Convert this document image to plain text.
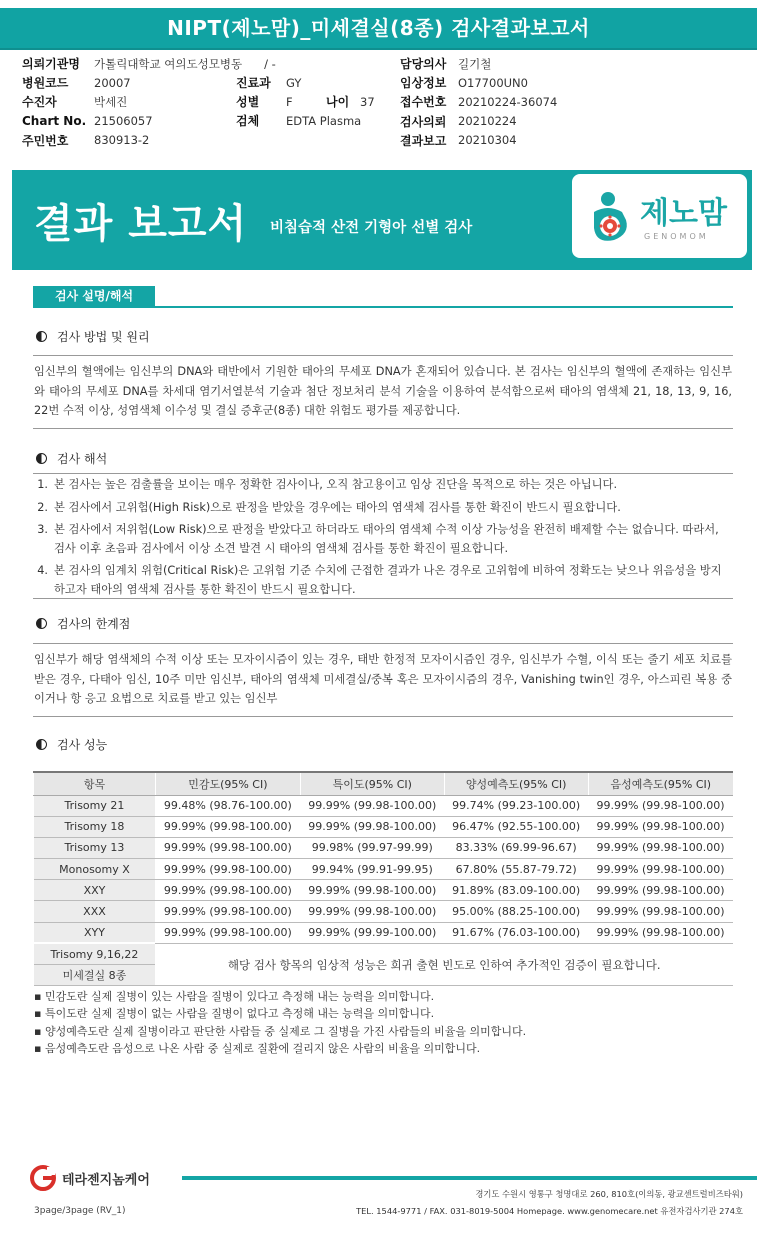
NIPT(제노맘)_미세결실(8종) 검사결과보고서
의뢰기관명	가톨릭대학교 여의도성모병동 / -
병원코드	20007
수진자	박세진
Chart No. 21506057
주민번호	830913-2
진료과	GY
성별	F	나이 37
검체	EDTA Plasma
담당의사	길기철
임상정보	O17700UN0
접수번호	20210224-36074
검사의뢰	20210224
결과보고	20210304
결과 보고서 비침습적 산전 기형아 선별 검사	제노맘
GENOMOM
검사 설명/해석
검사 방법 및 원리
임신부의 혈액에는 임신부의 DNA와 태반에서 기원한 태아의 무세포 DNA가 혼재되어 있습니다. 본 검사는 임신부의 혈액에 존재하는 임신부와 태아의 무세포 DNA를 차세대 염기서열분석 기술과 첨단 정보처리 분석 기술을 이용하여 분석함으로써 태아의 염색체 21, 18, 13, 9, 16, 22번 수적 이상, 성염색체 이수성 및 결실 증후군(8종) 대한 위험도 평가를 제공합니다.
검사 해석
1. 본 검사는 높은 검출률을 보이는 매우 정확한 검사이나, 오직 참고용이고 임상 진단을 목적으로 하는 것은 아닙니다.
2. 본 검사에서 고위험(High Risk)으로 판정을 받았을 경우에는 태아의 염색체 검사를 통한 확진이 반드시 필요합니다.
3. 본 검사에서 저위험(Low Risk)으로 판정을 받았다고 하더라도 태아의 염색체 수적 이상 가능성을 완전히 배제할 수는 없습니다. 따라서, 검사 이후 초음파 검사에서 이상 소견 발견 시 태아의 염색체 검사를 통한 확진이 필요합니다.
4. 본 검사의 임계치 위험(Critical Risk)은 고위험 기준 수치에 근접한 결과가 나온 경우로 고위험에 비하여 정확도는 낮으나 위음성을 방지하고자 태아의 염색체 검사를 통한 확진이 반드시 필요합니다.
검사의 한계점
임신부가 해당 염색체의 수적 이상 또는 모자이시즘이 있는 경우, 태반 한정적 모자이시즘인 경우, 임신부가 수혈, 이식 또는 줄기 세포 치료를 받은 경우, 다태아 임신, 10주 미만 임신부, 태아의 염색체 미세결실/중복 혹은 모자이시즘의 경우, Vanishing twin인 경우, 아스피린 복용 중이거나 항 응고 요법으로 치료를 받고 있는 임신부
검사 성능
항목	민감도(95% CI)	특이도(95% CI)	양성예측도(95% CI)	음성예측도(95% CI)
Trisomy 21	99.48% (98.76-100.00)	99.99% (99.98-100.00)	99.74% (99.23-100.00)	99.99% (99.98-100.00)
Trisomy 18	99.99% (99.98-100.00)	99.99% (99.98-100.00)	96.47% (92.55-100.00)	99.99% (99.98-100.00)
Trisomy 13	99.99% (99.98-100.00)	99.98% (99.97-99.99)	83.33% (69.99-96.67)	99.99% (99.98-100.00)
Monosomy X	99.99% (99.98-100.00)	99.94% (99.91-99.95)	67.80% (55.87-79.72)	99.99% (99.98-100.00)
XXY	99.99% (99.98-100.00)	99.99% (99.98-100.00)	91.89% (83.09-100.00)	99.99% (99.98-100.00)
XXX	99.99% (99.98-100.00)	99.99% (99.98-100.00)	95.00% (88.25-100.00)	99.99% (99.98-100.00)
XYY	99.99% (99.98-100.00)	99.99% (99.99-100.00)	91.67% (76.03-100.00)	99.99% (99.98-100.00)
Trisomy 9,16,22	해당 검사 항목의 임상적 성능은 희귀 출현 빈도로 인하여 추가적인 검증이 필요합니다.			
미세결실 8종				
▪ 민감도란 실제 질병이 있는 사람을 질병이 있다고 측정해 내는 능력을 의미합니다.
▪ 특이도란 실제 질병이 없는 사람을 질병이 없다고 측정해 내는 능력을 의미합니다.
▪ 양성예측도란 실제 질병이라고 판단한 사람들 중 실제로 그 질병을 가진 사람들의 비율을 의미합니다.
▪ 음성예측도란 음성으로 나온 사람 중 실제로 질환에 걸리지 않은 사람의 비율을 의미합니다.
테라젠지놈케어
경기도 수원시 영통구 청명대로 260, 810호(이의동, 광교센트럴비즈타워)
TEL. 1544-9771 / FAX. 031-8019-5004 Homepage. www.genomecare.net 유전자검사기관 274호
3page/3page (RV_1)
